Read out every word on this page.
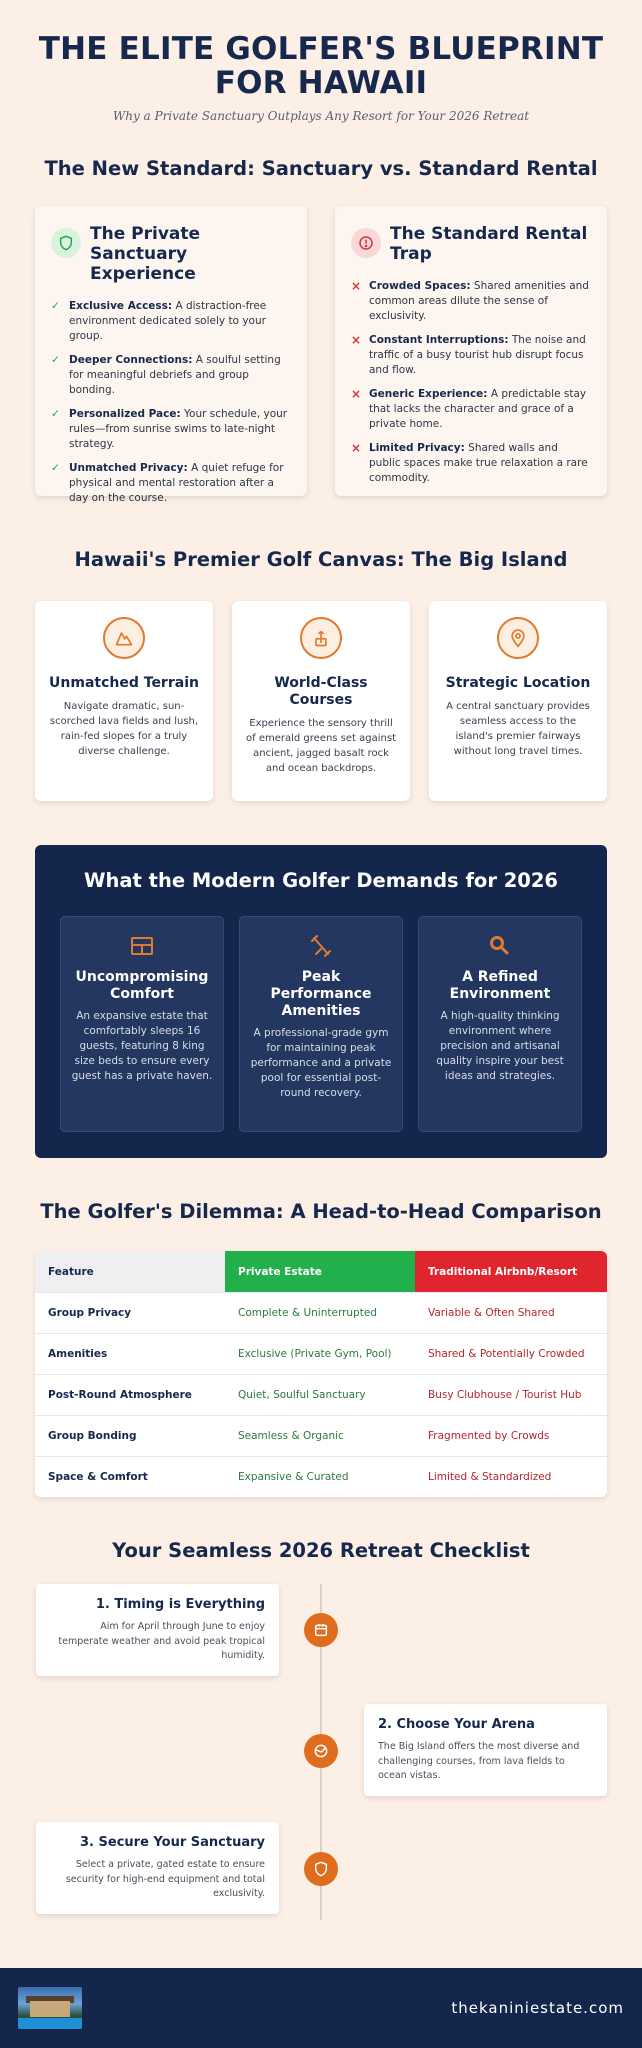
THE ELITE GOLFER'S BLUEPRINT FOR HAWAII
Why a Private Sanctuary Outplays Any Resort for Your 2026 Retreat
The New Standard: Sanctuary vs. Standard Rental
The Private Sanctuary Experience
✓ Exclusive Access: A distraction-free environment dedicated solely to your group.
✓ Deeper Connections: A soulful setting for meaningful debriefs and group bonding.
✓ Personalized Pace: Your schedule, your rules—from sunrise swims to late-night strategy.
✓ Unmatched Privacy: A quiet refuge for physical and mental restoration after a day on the course.
The Standard Rental Trap
× Crowded Spaces: Shared amenities and common areas dilute the sense of exclusivity.
× Constant Interruptions: The noise and traffic of a busy tourist hub disrupt focus and flow.
× Generic Experience: A predictable stay that lacks the character and grace of a private home.
× Limited Privacy: Shared walls and public spaces make true relaxation a rare commodity.
Hawaii's Premier Golf Canvas: The Big Island
Unmatched Terrain

Navigate dramatic, sun-scorched lava fields and lush, rain-fed slopes for a truly diverse challenge.

World-Class Courses

Experience the sensory thrill of emerald greens set against ancient, jagged basalt rock and ocean backdrops.

Strategic Location

A central sanctuary provides seamless access to the island's premier fairways without long travel times.

What the Modern Golfer Demands for 2026
Uncompromising Comfort

An expansive estate that comfortably sleeps 16 guests, featuring 8 king size beds to ensure every guest has a private haven.

Peak Performance Amenities

A professional-grade gym for maintaining peak performance and a private pool for essential post-round recovery.

A Refined Environment

A high-quality thinking environment where precision and artisanal quality inspire your best ideas and strategies.

The Golfer's Dilemma: A Head-to-Head Comparison
Feature	Private Estate	Traditional Airbnb/Resort
Group Privacy	Complete & Uninterrupted	Variable & Often Shared
Amenities	Exclusive (Private Gym, Pool)	Shared & Potentially Crowded
Post-Round Atmosphere	Quiet, Soulful Sanctuary	Busy Clubhouse / Tourist Hub
Group Bonding	Seamless & Organic	Fragmented by Crowds
Space & Comfort	Expansive & Curated	Limited & Standardized
Your Seamless 2026 Retreat Checklist
1. Timing is Everything

Aim for April through June to enjoy temperate weather and avoid peak tropical humidity.

2. Choose Your Arena

The Big Island offers the most diverse and challenging courses, from lava fields to ocean vistas.

3. Secure Your Sanctuary

Select a private, gated estate to ensure security for high-end equipment and total exclusivity.

thekaniniestate.com
